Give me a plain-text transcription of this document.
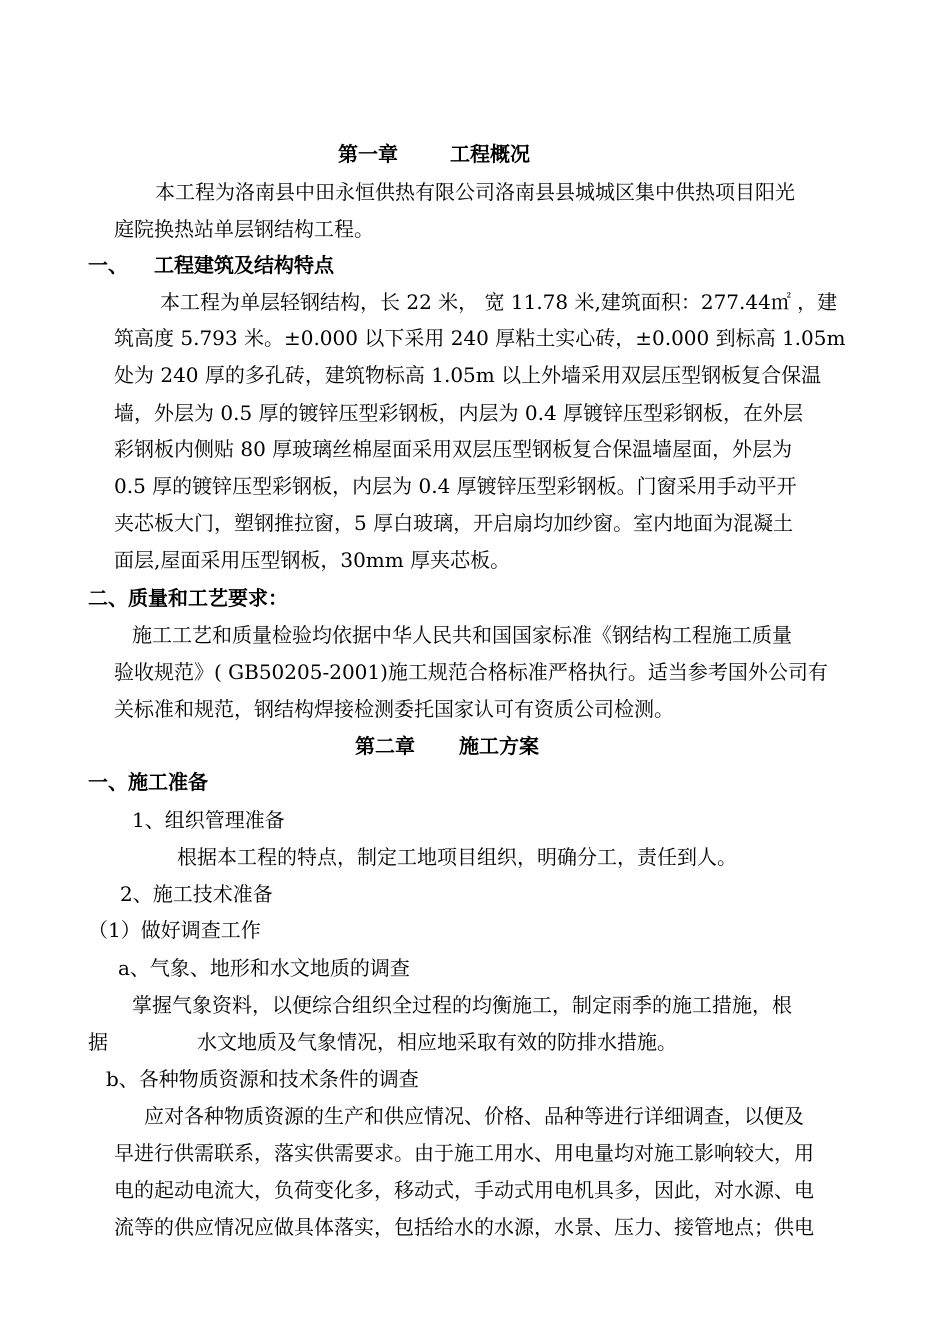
第一章	工程概况
本工程为洛南县中田永恒供热有限公司洛南县县城城区集中供热项目阳光
庭院换热站单层钢结构工程。
一、 工程建筑及结构特点
本工程为单层轻钢结构，长 22 米， 宽 11.78 米,建筑面积：277.44㎡ ，建
筑高度 5.793 米。±0.000 以下采用 240 厚粘土实心砖，±0.000 到标高 1.05m
处为 240 厚的多孔砖，建筑物标高 1.05m 以上外墙采用双层压型钢板复合保温
墙，外层为 0.5 厚的镀锌压型彩钢板，内层为 0.4 厚镀锌压型彩钢板，在外层
彩钢板内侧贴 80 厚玻璃丝棉屋面采用双层压型钢板复合保温墙屋面，外层为
0.5 厚的镀锌压型彩钢板，内层为 0.4 厚镀锌压型彩钢板。门窗采用手动平开
夹芯板大门，塑钢推拉窗，5 厚白玻璃，开启扇均加纱窗。室内地面为混凝土
面层,屋面采用压型钢板，30mm 厚夹芯板。
二、质量和工艺要求：
施工工艺和质量检验均依据中华人民共和国国家标准《钢结构工程施工质量
验收规范》( GB50205-2001)施工规范合格标准严格执行。适当参考国外公司有
关标准和规范，钢结构焊接检测委托国家认可有资质公司检测。
第二章 施工方案
一、施工准备
1、组织管理准备
根据本工程的特点，制定工地项目组织，明确分工，责任到人。
2、施工技术准备
（1）做好调查工作
a、气象、地形和水文地质的调查
掌握气象资料，以便综合组织全过程的均衡施工，制定雨季的施工措施，根
据	水文地质及气象情况，相应地采取有效的防排水措施。
b、各种物质资源和技术条件的调查
应对各种物质资源的生产和供应情况、价格、品种等进行详细调查，以便及
早进行供需联系，落实供需要求。由于施工用水、用电量均对施工影响较大，用
电的起动电流大，负荷变化多，移动式，手动式用电机具多，因此，对水源、电
流等的供应情况应做具体落实，包括给水的水源，水景、压力、接管地点；供电
